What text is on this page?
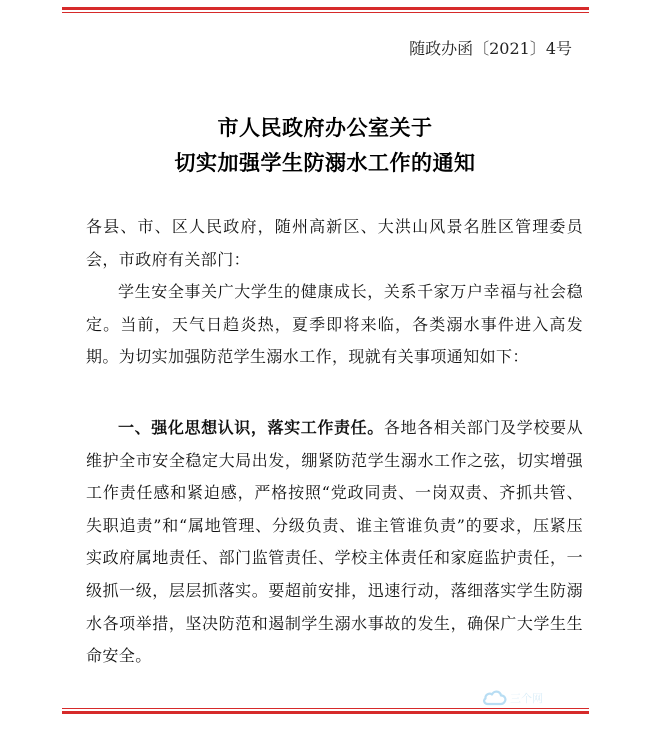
随政办函〔2021〕4号
市人民政府办公室关于
切实加强学生防溺水工作的通知

各县、市、区人民政府，随州高新区、大洪山风景名胜区管理委员会，市政府有关部门：

学生安全事关广大学生的健康成长，关系千家万户幸福与社会稳定。当前，天气日趋炎热，夏季即将来临，各类溺水事件进入高发期。为切实加强防范学生溺水工作，现就有关事项通知如下：

一、强化思想认识，落实工作责任。各地各相关部门及学校要从维护全市安全稳定大局出发，绷紧防范学生溺水工作之弦，切实增强工作责任感和紧迫感，严格按照“党政同责、一岗双责、齐抓共管、失职追责”和“属地管理、分级负责、谁主管谁负责”的要求，压紧压实政府属地责任、部门监管责任、学校主体责任和家庭监护责任，一级抓一级，层层抓落实。要超前安排，迅速行动，落细落实学生防溺水各项举措，坚决防范和遏制学生溺水事故的发生，确保广大学生生命安全。

三个网
